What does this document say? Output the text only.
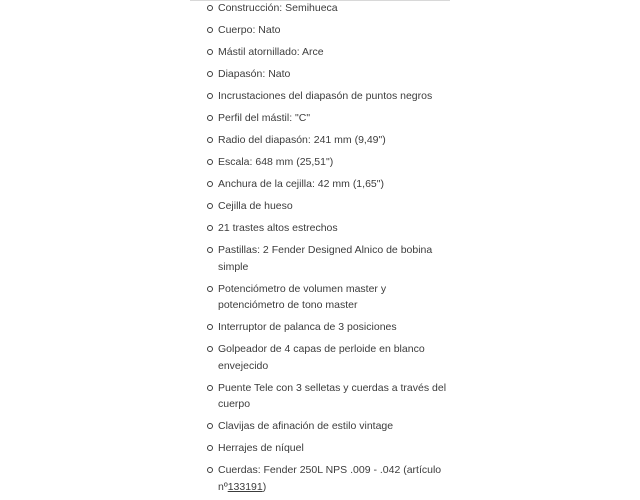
Construcción: Semihueca
Cuerpo: Nato
Mástil atornillado: Arce
Diapasón: Nato
Incrustaciones del diapasón de puntos negros
Perfil del mástil: "C"
Radio del diapasón: 241 mm (9,49")
Escala: 648 mm (25,51")
Anchura de la cejilla: 42 mm (1,65")
Cejilla de hueso
21 trastes altos estrechos
Pastillas: 2 Fender Designed Alnico de bobina simple
Potenciómetro de volumen master y potenciómetro de tono master
Interruptor de palanca de 3 posiciones
Golpeador de 4 capas de perloide en blanco envejecido
Puente Tele con 3 selletas y cuerdas a través del cuerpo
Clavijas de afinación de estilo vintage
Herrajes de níquel
Cuerdas: Fender 250L NPS .009 - .042 (artículo nº133191)
